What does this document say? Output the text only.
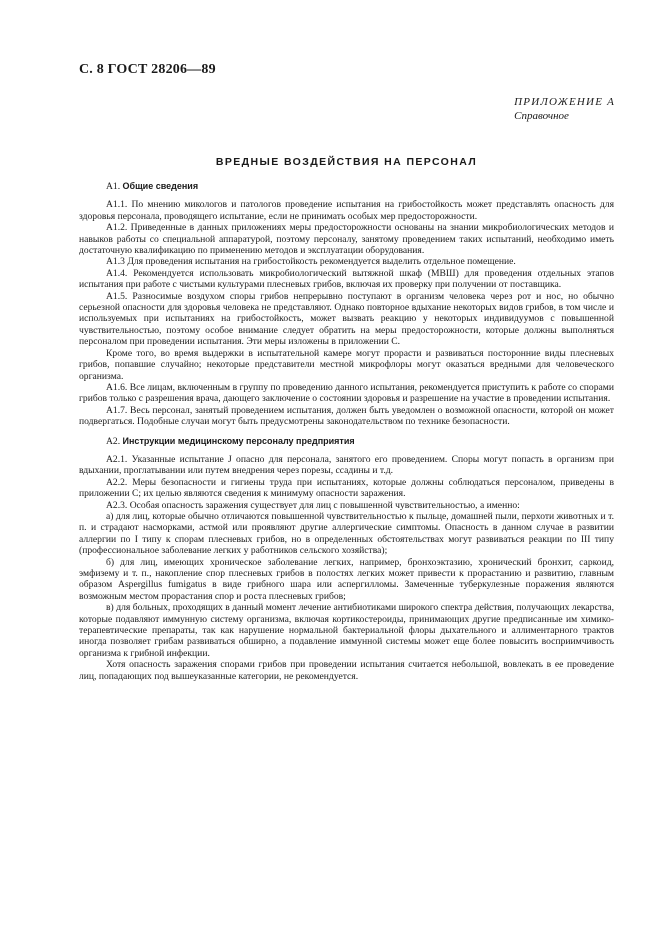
С. 8 ГОСТ 28206—89
ПРИЛОЖЕНИЕ А
Справочное
ВРЕДНЫЕ ВОЗДЕЙСТВИЯ НА ПЕРСОНАЛ
А1. Общие сведения

А1.1. По мнению микологов и патологов проведение испытания на грибостойкость может представлять опасность для здоровья персонала, проводящего испытание, если не принимать особых мер предосторожности.

А1.2. Приведенные в данных приложениях меры предосторожности основаны на знании микробиологических методов и навыков работы со специальной аппаратурой, поэтому персоналу, занятому проведением таких испытаний, необходимо иметь достаточную квалификацию по применению методов и эксплуатации оборудования.

А1.3 Для проведения испытания на грибостойкость рекомендуется выделить отдельное помещение.

А1.4. Рекомендуется использовать микробиологический вытяжной шкаф (МВШ) для проведения отдельных этапов испытания при работе с чистыми культурами плесневых грибов, включая их проверку при получении от поставщика.

А1.5. Разносимые воздухом споры грибов непрерывно поступают в организм человека через рот и нос, но обычно серьезной опасности для здоровья человека не представляют. Однако повторное вдыхание некоторых видов грибов, в том числе и используемых при испытаниях на грибостойкость, может вызвать реакцию у некоторых индивидуумов с повышенной чувствительностью, поэтому особое внимание следует обратить на меры предосторожности, которые должны выполняться персоналом при проведении испытания. Эти меры изложены в приложении С.

Кроме того, во время выдержки в испытательной камере могут прорасти и развиваться посторонние виды плесневых грибов, попавшие случайно; некоторые представители местной микрофлоры могут оказаться вредными для человеческого организма.

А1.6. Все лицам, включенным в группу по проведению данного испытания, рекомендуется приступить к работе со спорами грибов только с разрешения врача, дающего заключение о состоянии здоровья и разрешение на участие в проведении испытания.

А1.7. Весь персонал, занятый проведением испытания, должен быть уведомлен о возможной опасности, которой он может подвергаться. Подобные случаи могут быть предусмотрены законодательством по технике безопасности.

А2. Инструкции медицинскому персоналу предприятия

А2.1. Указанные испытание J опасно для персонала, занятого его проведением. Споры могут попасть в организм при вдыхании, проглатывании или путем внедрения через порезы, ссадины и т.д.

А2.2. Меры безопасности и гигиены труда при испытаниях, которые должны соблюдаться персоналом, приведены в приложении С; их целью являются сведения к минимуму опасности заражения.

А2.3. Особая опасность заражения существует для лиц с повышенной чувствительностью, а именно:

а) для лиц, которые обычно отличаются повышенной чувствительностью к пыльце, домашней пыли, перхоти животных и т. п. и страдают насморками, астмой или проявляют другие аллергические симптомы. Опасность в данном случае в развитии аллергии по I типу к спорам плесневых грибов, но в определенных обстоятельствах могут развиваться реакции по III типу (профессиональное заболевание легких у работников сельского хозяйства);

б) для лиц, имеющих хроническое заболевание легких, например, бронхоэктазию, хронический бронхит, саркоид, эмфизему и т. п., накопление спор плесневых грибов в полостях легких может привести к прорастанию и развитию, главным образом Aspergillus fumigatus в виде грибного шара или аспергилломы. Замеченные туберкулезные поражения являются возможным местом прорастания спор и роста плесневых грибов;

в) для больных, проходящих в данный момент лечение антибиотиками широкого спектра действия, получающих лекарства, которые подавляют иммунную систему организма, включая кортикостероиды, принимающих другие предписанные им химико-терапевтические препараты, так как нарушение нормальной бактериальной флоры дыхательного и аллиментарного трактов иногда позволяет грибам развиваться обширно, а подавление иммунной системы может еще более повысить восприимчивость организма к грибной инфекции.

Хотя опасность заражения спорами грибов при проведении испытания считается небольшой, вовлекать в ее проведение лиц, попадающих под вышеуказанные категории, не рекомендуется.
